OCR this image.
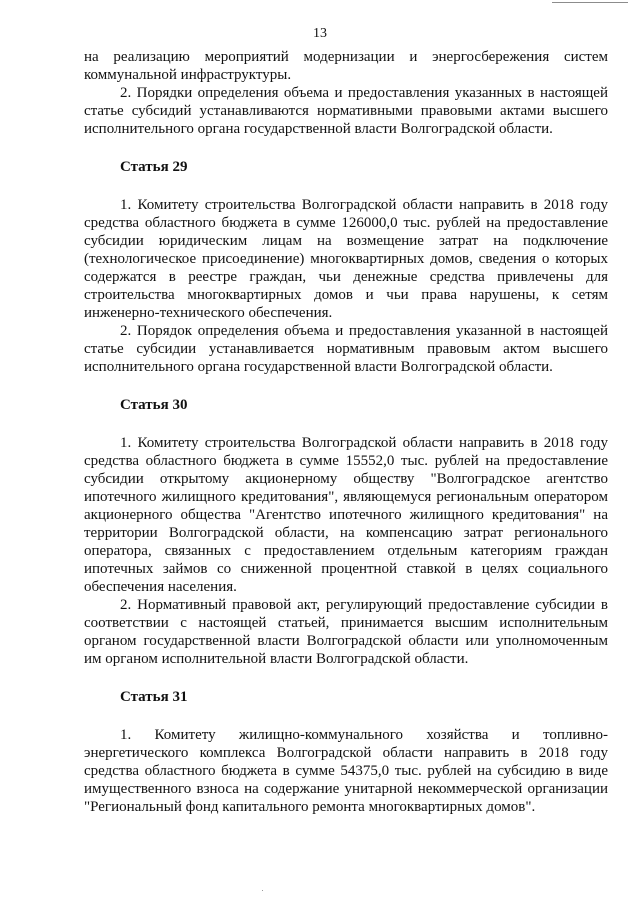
13

на реализацию мероприятий модернизации и энергосбережения систем коммунальной инфраструктуры.

2. Порядки определения объема и предоставления указанных в настоящей статье субсидий устанавливаются нормативными правовыми актами высшего исполнительного органа государственной власти Волгоградской области.

Статья 29

1. Комитету строительства Волгоградской области направить в 2018 году средства областного бюджета в сумме 126000,0 тыс. рублей на предоставление субсидии юридическим лицам на возмещение затрат на подключение (технологическое присоединение) многоквартирных домов, сведения о которых содержатся в реестре граждан, чьи денежные средства привлечены для строительства многоквартирных домов и чьи права нарушены, к сетям инженерно-технического обеспечения.

2. Порядок определения объема и предоставления указанной в настоящей статье субсидии устанавливается нормативным правовым актом высшего исполнительного органа государственной власти Волгоградской области.

Статья 30

1. Комитету строительства Волгоградской области направить в 2018 году средства областного бюджета в сумме 15552,0 тыс. рублей на предоставление субсидии открытому акционерному обществу "Волгоградское агентство ипотечного жилищного кредитования", являющемуся региональным оператором акционерного общества "Агентство ипотечного жилищного кредитования" на территории Волгоградской области, на компенсацию затрат регионального оператора, связанных с предоставлением отдельным категориям граждан ипотечных займов со сниженной процентной ставкой в целях социального обеспечения населения.

2. Нормативный правовой акт, регулирующий предоставление субсидии в соответствии с настоящей статьей, принимается высшим исполнительным органом государственной власти Волгоградской области или уполномоченным им органом исполнительной власти Волгоградской области.

Статья 31

1. Комитету жилищно-коммунального хозяйства и топливно-энергетического комплекса Волгоградской области направить в 2018 году средства областного бюджета в сумме 54375,0 тыс. рублей на субсидию в виде имущественного взноса на содержание унитарной некоммерческой организации "Региональный фонд капитального ремонта многоквартирных домов".
